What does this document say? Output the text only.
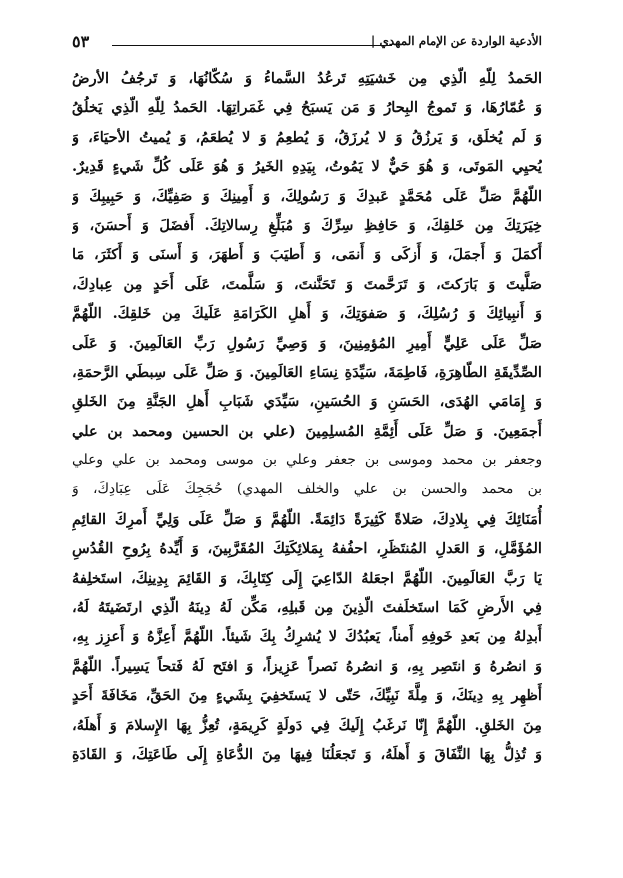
٥٣	الأدعية الواردة عن الإمام المهدي |
الحَمدُ لِلّهِ الّذِي مِن خَشيَتِهِ تَرعُدُ السَّماءُ وَ سُكّانُهَا، وَ تَرجُفُ الأرضُ
وَ عُمّارُهَا، وَ تَموجُ البِحارُ وَ مَن يَسبَحُ فِي غَمَراتِهَا. الحَمدُ لِلّهِ الّذِي يَخلُقُ
وَ لَم يُخلَق، وَ يَرزُقُ وَ لا يُرزَقُ، وَ يُطعِمُ وَ لا يُطعَمُ، وَ يُميتُ الأحيَاءَ، وَ
يُحيِي المَوتَى، وَ هُوَ حَيٌّ لا يَمُوتُ، بِيَدِهِ الخَيرُ وَ هُوَ عَلَى كُلِّ شَيءٍ قَدِيرٌ.
اللّهُمَّ صَلِّ عَلَى مُحَمَّدٍ عَبدِكَ وَ رَسُولِكَ، وَ أَمِينِكَ وَ صَفِيِّكَ، وَ حَبِيبِكَ وَ
خِيَرَتِكَ مِن خَلقِكَ، وَ حَافِظِ سِرِّكَ وَ مُبَلِّغِ رِسالاتِكَ. أَفضَلَ وَ أَحسَنَ، وَ
أَكمَلَ وَ أَجمَلَ، وَ أَزكَى وَ أَنمَى، وَ أَطيَبَ وَ أَطهَرَ، وَ أَسنَى وَ أَكثَرَ، مَا
صَلَّيتَ وَ بَارَكتَ، وَ تَرَحَّمتَ وَ تَحَنَّنتَ، وَ سَلَّمتَ، عَلَى أَحَدٍ مِن عِبادِكَ،
وَ أَنبِيائِكَ وَ رُسُلِكَ، وَ صَفوَتِكَ، وَ أَهلِ الكَرَامَةِ عَلَيكَ مِن خَلقِكَ. اللّهُمَّ
صَلِّ عَلَى عَلِيٍّ أَمِيرِ المُؤمِنِينَ، وَ وَصِيِّ رَسُولِ رَبِّ العَالَمِينَ. وَ عَلَى
الصِّدِّيقَةِ الطّاهِرَةِ، فَاطِمَةَ، سَيِّدَةِ نِسَاءِ العَالَمِينَ. وَ صَلِّ عَلَى سِبطَي الرَّحمَةِ،
وَ إِمَامَي الهُدَى، الحَسَنِ وَ الحُسَينِ، سَيِّدَي شَبَابِ أَهلِ الجَنَّةِ مِنَ الخَلقِ
أَجمَعِينَ. وَ صَلِّ عَلَى أَئِمَّةِ المُسلِمِينَ (علي بن الحسين ومحمد بن علي
وجعفر بن محمد وموسى بن جعفر وعلي بن موسى ومحمد بن علي وعلي
بن محمد والحسن بن علي والخلف المهدي) حُجَجِكَ عَلَى عِبَادِكَ، وَ
أُمَنَائِكَ فِي بِلادِكَ، صَلاةً كَثِيرَةً دَائِمَةً. اللّهُمَّ وَ صَلِّ عَلَى وَلِيِّ أَمرِكَ القائِمِ
المُؤَمَّلِ، وَ العَدلِ المُنتَظَرِ، احفُفهُ بِمَلائِكَتِكَ المُقَرَّبِينَ، وَ أَيِّدهُ بِرُوحِ القُدُسِ
يَا رَبَّ العَالَمِينَ. اللّهُمَّ اجعَلهُ الدّاعِيَ إِلَى كِتَابِكَ، وَ القَائِمَ بِدِينِكَ، استَخلِفهُ
فِي الأَرضِ كَمَا استَخلَفتَ الّذِينَ مِن قَبلِهِ، مَكِّن لَهُ دِينَهُ الّذِي ارتَضَيتَهُ لَهُ،
أَبدِلهُ مِن بَعدِ خَوفِهِ أَمناً، يَعبُدُكَ لا يُشرِكُ بِكَ شَيئاً. اللّهُمَّ أَعِزَّهُ وَ أَعزِز بِهِ،
وَ انصُرهُ وَ انتَصِر بِهِ، وَ انصُرهُ نَصراً عَزِيزاً، وَ افتَح لَهُ فَتحاً يَسِيراً. اللّهُمَّ
أَظهِر بِهِ دِينَكَ، وَ مِلَّةَ نَبِيِّكَ، حَتّى لا يَستَخفِيَ بِشَيءٍ مِنَ الحَقِّ، مَخَافَةَ أَحَدٍ
مِنَ الخَلقِ. اللّهُمَّ إِنّا نَرغَبُ إِلَيكَ فِي دَولَةٍ كَرِيمَةٍ، تُعِزُّ بِهَا الإِسلامَ وَ أَهلَهُ،
وَ تُذِلُّ بِهَا النِّفَاقَ وَ أَهلَهُ، وَ تَجعَلُنَا فِيهَا مِنَ الدُّعَاةِ إِلَى طَاعَتِكَ، وَ القَادَةِ
